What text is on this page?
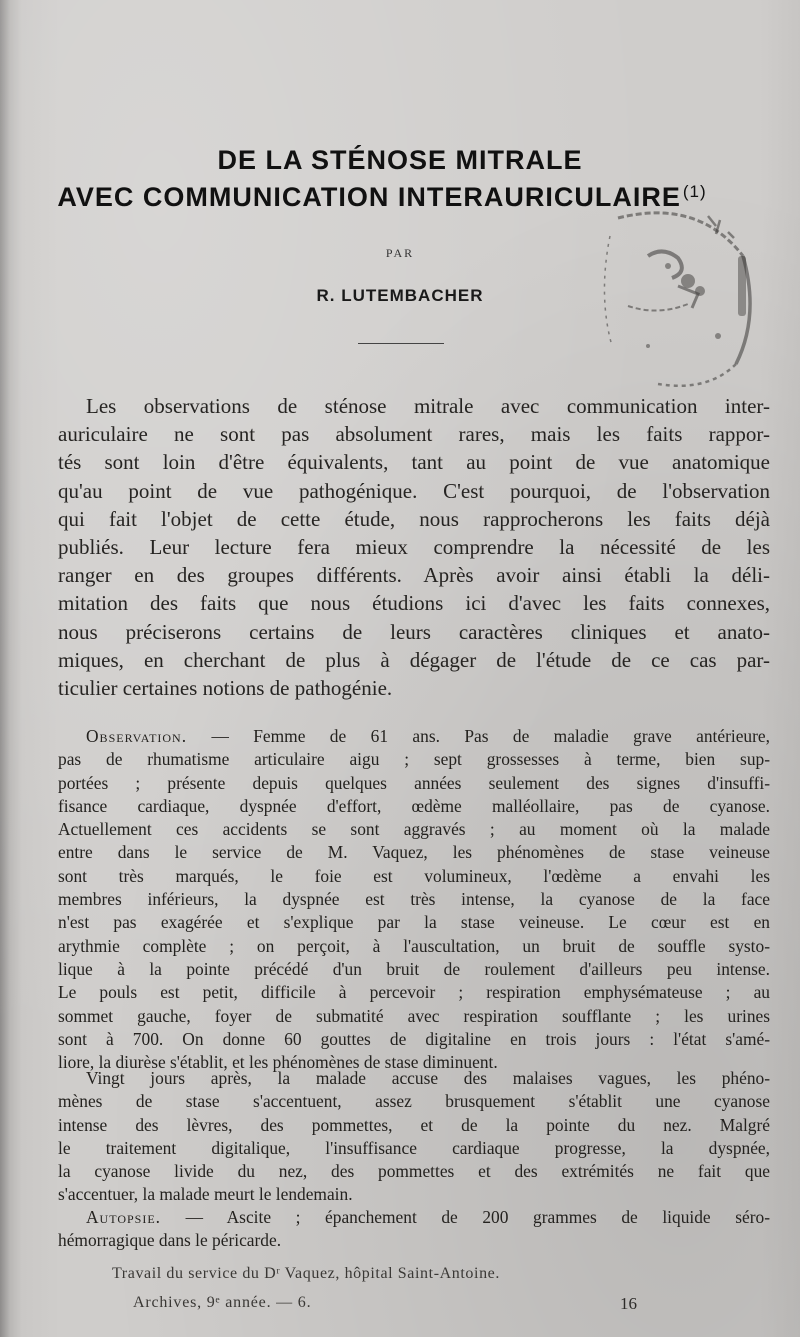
DE LA STÉNOSE MITRALE
AVEC COMMUNICATION INTERAURICULAIRE $^{(1)}$
PAR
R. LUTEMBACHER
Les observations de sténose mitrale avec communication inter-
auriculaire ne sont pas absolument rares, mais les faits rappor-
tés sont loin d'être équivalents, tant au point de vue anatomique
qu'au point de vue pathogénique. C'est pourquoi, de l'observation
qui fait l'objet de cette étude, nous rapprocherons les faits déjà
publiés. Leur lecture fera mieux comprendre la nécessité de les
ranger en des groupes différents. Après avoir ainsi établi la déli-
mitation des faits que nous étudions ici d'avec les faits connexes,
nous préciserons certains de leurs caractères cliniques et anato-
miques, en cherchant de plus à dégager de l'étude de ce cas par-
ticulier certaines notions de pathogénie.
Observation. — Femme de 61 ans. Pas de maladie grave antérieure,
pas de rhumatisme articulaire aigu ; sept grossesses à terme, bien sup-
portées ; présente depuis quelques années seulement des signes d'insuffi-
fisance cardiaque, dyspnée d'effort, œdème malléollaire, pas de cyanose.
Actuellement ces accidents se sont aggravés ; au moment où la malade
entre dans le service de M. Vaquez, les phénomènes de stase veineuse
sont très marqués, le foie est volumineux, l'œdème a envahi les
membres inférieurs, la dyspnée est très intense, la cyanose de la face
n'est pas exagérée et s'explique par la stase veineuse. Le cœur est en
arythmie complète ; on perçoit, à l'auscultation, un bruit de souffle systo-
lique à la pointe précédé d'un bruit de roulement d'ailleurs peu intense.
Le pouls est petit, difficile à percevoir ; respiration emphysémateuse ; au
sommet gauche, foyer de submatité avec respiration soufflante ; les urines
sont à 700. On donne 60 gouttes de digitaline en trois jours : l'état s'amé-
liore, la diurèse s'établit, et les phénomènes de stase diminuent.
Vingt jours après, la malade accuse des malaises vagues, les phéno-
mènes de stase s'accentuent, assez brusquement s'établit une cyanose
intense des lèvres, des pommettes, et de la pointe du nez. Malgré
le traitement digitalique, l'insuffisance cardiaque progresse, la dyspnée,
la cyanose livide du nez, des pommettes et des extrémités ne fait que
s'accentuer, la malade meurt le lendemain.
Autopsie. — Ascite ; épanchement de 200 grammes de liquide séro-
hémorragique dans le péricarde.
Travail du service du Dʳ Vaquez, hôpital Saint-Antoine.
Archives, 9ᵉ année. — 6.	16
